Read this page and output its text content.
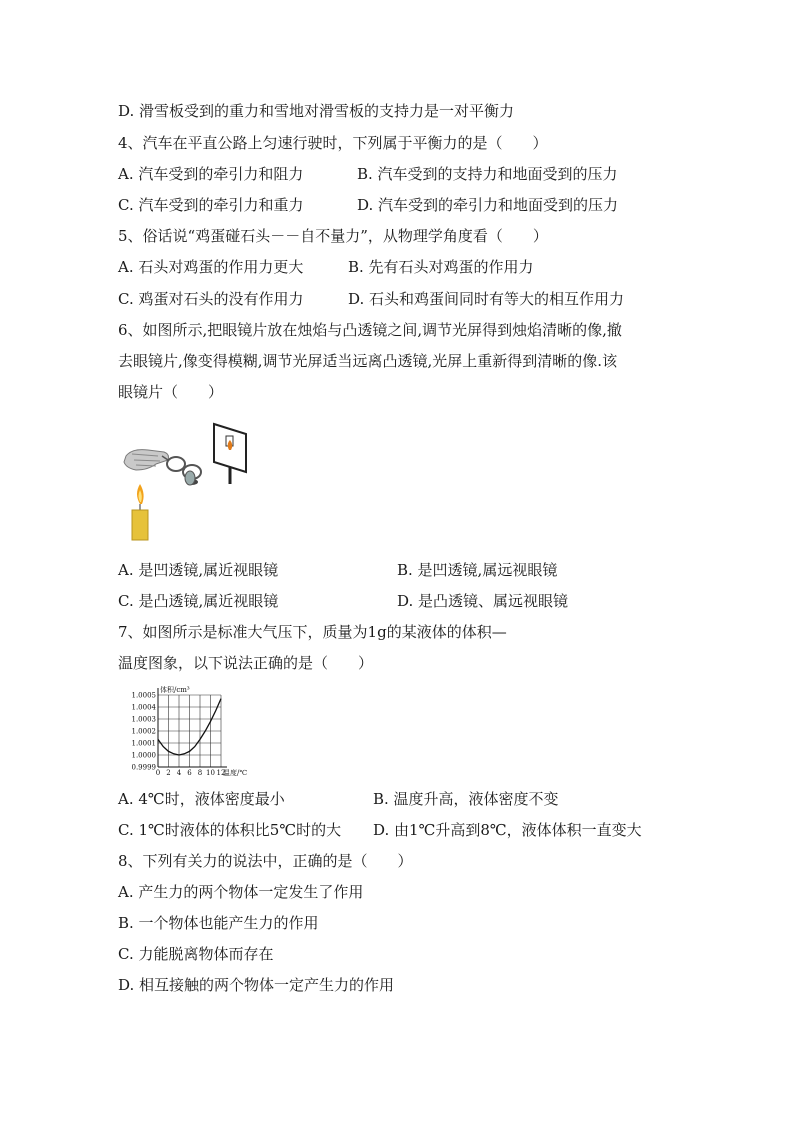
D. 滑雪板受到的重力和雪地对滑雪板的支持力是一对平衡力
4、汽车在平直公路上匀速行驶时，下列属于平衡力的是（　　）
A. 汽车受到的牵引力和阻力	B. 汽车受到的支持力和地面受到的压力
C. 汽车受到的牵引力和重力	D. 汽车受到的牵引力和地面受到的压力
5、俗话说“鸡蛋碰石头－－自不量力”，从物理学角度看（　　）
A. 石头对鸡蛋的作用力更大	B. 先有石头对鸡蛋的作用力
C. 鸡蛋对石头的没有作用力	D. 石头和鸡蛋间同时有等大的相互作用力
6、如图所示,把眼镜片放在烛焰与凸透镜之间,调节光屏得到烛焰清晰的像,撤
去眼镜片,像变得模糊,调节光屏适当远离凸透镜,光屏上重新得到清晰的像.该
眼镜片（　　）
A. 是凹透镜,属近视眼镜	B. 是凹透镜,属远视眼镜
C. 是凸透镜,属近视眼镜	D. 是凸透镜、属远视眼镜
7、如图所示是标准大气压下，质量为1g的某液体的体积—
温度图象，以下说法正确的是（　　）
0.9999
1.0000
1.0001
1.0002
1.0003
1.0004
1.0005
0 2 4 6 8 10 12
体积/cm³
温度/℃
A. 4℃时，液体密度最小	B. 温度升高，液体密度不变
C. 1℃时液体的体积比5℃时的大 D. 由1℃升高到8℃，液体体积一直变大
8、下列有关力的说法中，正确的是（　　）
A. 产生力的两个物体一定发生了作用
B. 一个物体也能产生力的作用
C. 力能脱离物体而存在
D. 相互接触的两个物体一定产生力的作用
